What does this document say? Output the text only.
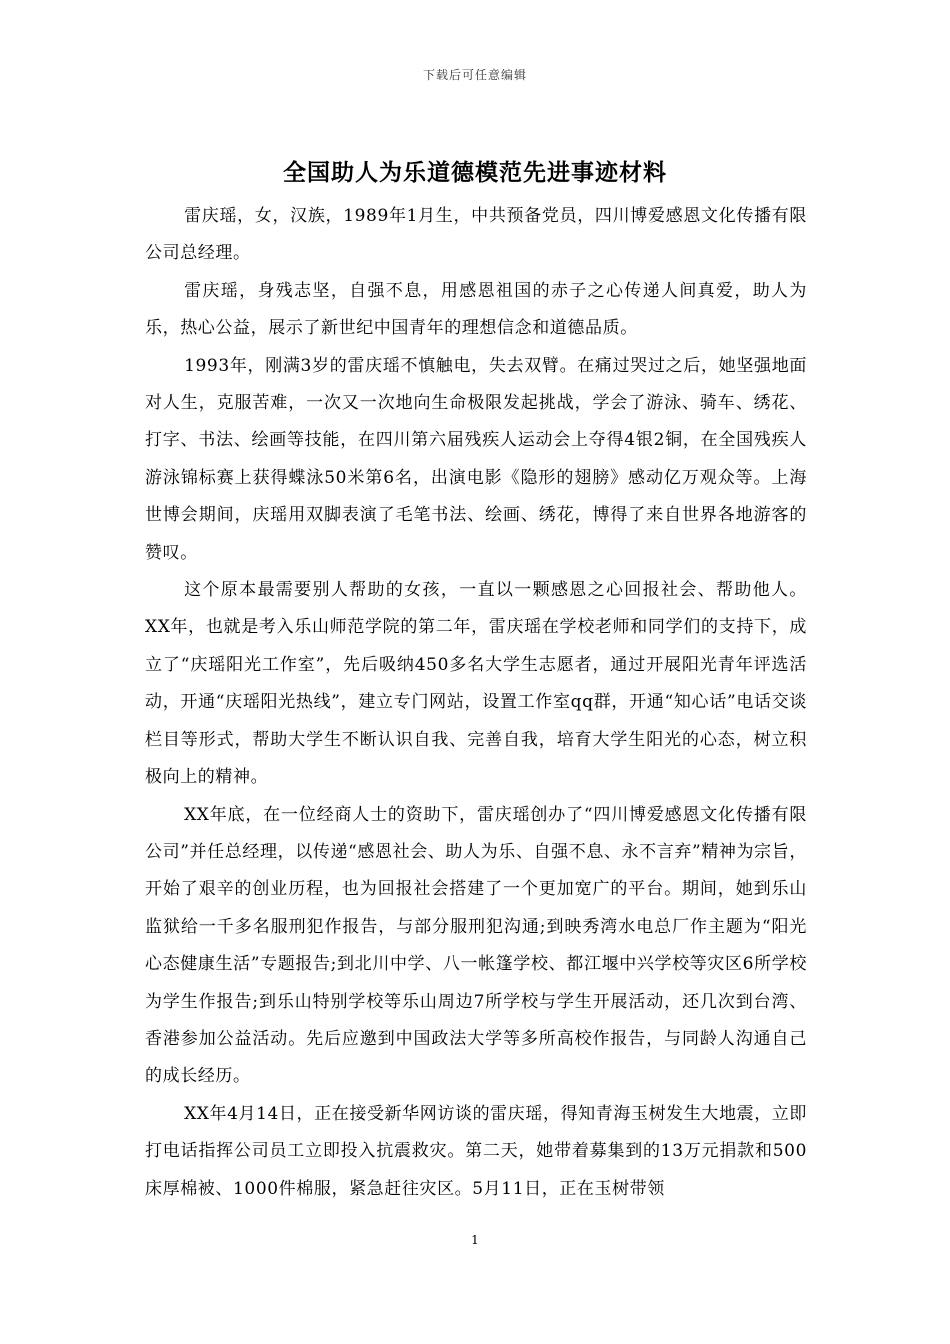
下载后可任意编辑
全国助人为乐道德模范先进事迹材料

雷庆瑶，女，汉族，1989年1月生，中共预备党员，四川博爱感恩文化传播有限公司总经理。

雷庆瑶，身残志坚，自强不息，用感恩祖国的赤子之心传递人间真爱，助人为乐，热心公益，展示了新世纪中国青年的理想信念和道德品质。

1993年，刚满3岁的雷庆瑶不慎触电，失去双臂。在痛过哭过之后，她坚强地面对人生，克服苦难，一次又一次地向生命极限发起挑战，学会了游泳、骑车、绣花、打字、书法、绘画等技能，在四川第六届残疾人运动会上夺得4银2铜，在全国残疾人游泳锦标赛上获得蝶泳50米第6名，出演电影《隐形的翅膀》感动亿万观众等。上海世博会期间，庆瑶用双脚表演了毛笔书法、绘画、绣花，博得了来自世界各地游客的赞叹。

这个原本最需要别人帮助的女孩，一直以一颗感恩之心回报社会、帮助他人。XX年，也就是考入乐山师范学院的第二年，雷庆瑶在学校老师和同学们的支持下，成立了“庆瑶阳光工作室”，先后吸纳450多名大学生志愿者，通过开展阳光青年评选活动，开通“庆瑶阳光热线”，建立专门网站，设置工作室qq群，开通“知心话”电话交谈栏目等形式，帮助大学生不断认识自我、完善自我，培育大学生阳光的心态，树立积极向上的精神。

XX年底，在一位经商人士的资助下，雷庆瑶创办了“四川博爱感恩文化传播有限公司”并任总经理，以传递“感恩社会、助人为乐、自强不息、永不言弃”精神为宗旨，开始了艰辛的创业历程，也为回报社会搭建了一个更加宽广的平台。期间，她到乐山监狱给一千多名服刑犯作报告，与部分服刑犯沟通;到映秀湾水电总厂作主题为“阳光心态健康生活”专题报告;到北川中学、八一帐篷学校、都江堰中兴学校等灾区6所学校为学生作报告;到乐山特别学校等乐山周边7所学校与学生开展活动，还几次到台湾、香港参加公益活动。先后应邀到中国政法大学等多所高校作报告，与同龄人沟通自己的成长经历。

XX年4月14日，正在接受新华网访谈的雷庆瑶，得知青海玉树发生大地震，立即打电话指挥公司员工立即投入抗震救灾。第二天，她带着募集到的13万元捐款和500床厚棉被、1000件棉服，紧急赶往灾区。5月11日，正在玉树带领

1
